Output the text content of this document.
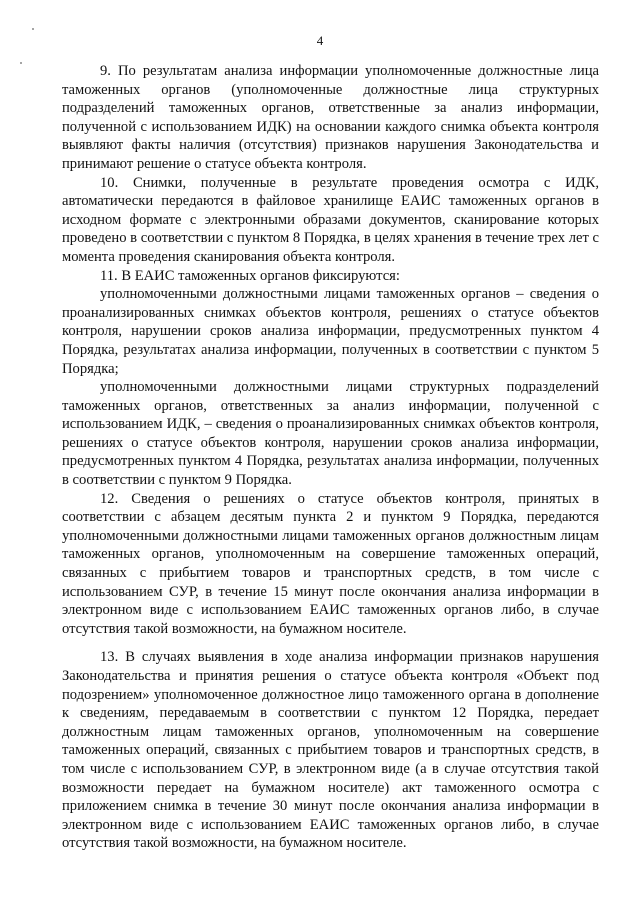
4

9. По результатам анализа информации уполномоченные должностные лица таможенных органов (уполномоченные должностные лица структурных подразделений таможенных органов, ответственные за анализ информации, полученной с использованием ИДК) на основании каждого снимка объекта контроля выявляют факты наличия (отсутствия) признаков нарушения Законодательства и принимают решение о статусе объекта контроля.

10. Снимки, полученные в результате проведения осмотра с ИДК, автоматически передаются в файловое хранилище ЕАИС таможенных органов в исходном формате с электронными образами документов, сканирование которых проведено в соответствии с пунктом 8 Порядка, в целях хранения в течение трех лет с момента проведения сканирования объекта контроля.

11. В ЕАИС таможенных органов фиксируются:

уполномоченными должностными лицами таможенных органов – сведения о проанализированных снимках объектов контроля, решениях о статусе объектов контроля, нарушении сроков анализа информации, предусмотренных пунктом 4 Порядка, результатах анализа информации, полученных в соответствии с пунктом 5 Порядка;

уполномоченными должностными лицами структурных подразделений таможенных органов, ответственных за анализ информации, полученной с использованием ИДК, – сведения о проанализированных снимках объектов контроля, решениях о статусе объектов контроля, нарушении сроков анализа информации, предусмотренных пунктом 4 Порядка, результатах анализа информации, полученных в соответствии с пунктом 9 Порядка.

12. Сведения о решениях о статусе объектов контроля, принятых в соответствии с абзацем десятым пункта 2 и пунктом 9 Порядка, передаются уполномоченными должностными лицами таможенных органов должностным лицам таможенных органов, уполномоченным на совершение таможенных операций, связанных с прибытием товаров и транспортных средств, в том числе с использованием СУР, в течение 15 минут после окончания анализа информации в электронном виде с использованием ЕАИС таможенных органов либо, в случае отсутствия такой возможности, на бумажном носителе.

13. В случаях выявления в ходе анализа информации признаков нарушения Законодательства и принятия решения о статусе объекта контроля «Объект под подозрением» уполномоченное должностное лицо таможенного органа в дополнение к сведениям, передаваемым в соответствии с пунктом 12 Порядка, передает должностным лицам таможенных органов, уполномоченным на совершение таможенных операций, связанных с прибытием товаров и транспортных средств, в том числе с использованием СУР, в электронном виде (а в случае отсутствия такой возможности передает на бумажном носителе) акт таможенного осмотра с приложением снимка в течение 30 минут после окончания анализа информации в электронном виде с использованием ЕАИС таможенных органов либо, в случае отсутствия такой возможности, на бумажном носителе.
